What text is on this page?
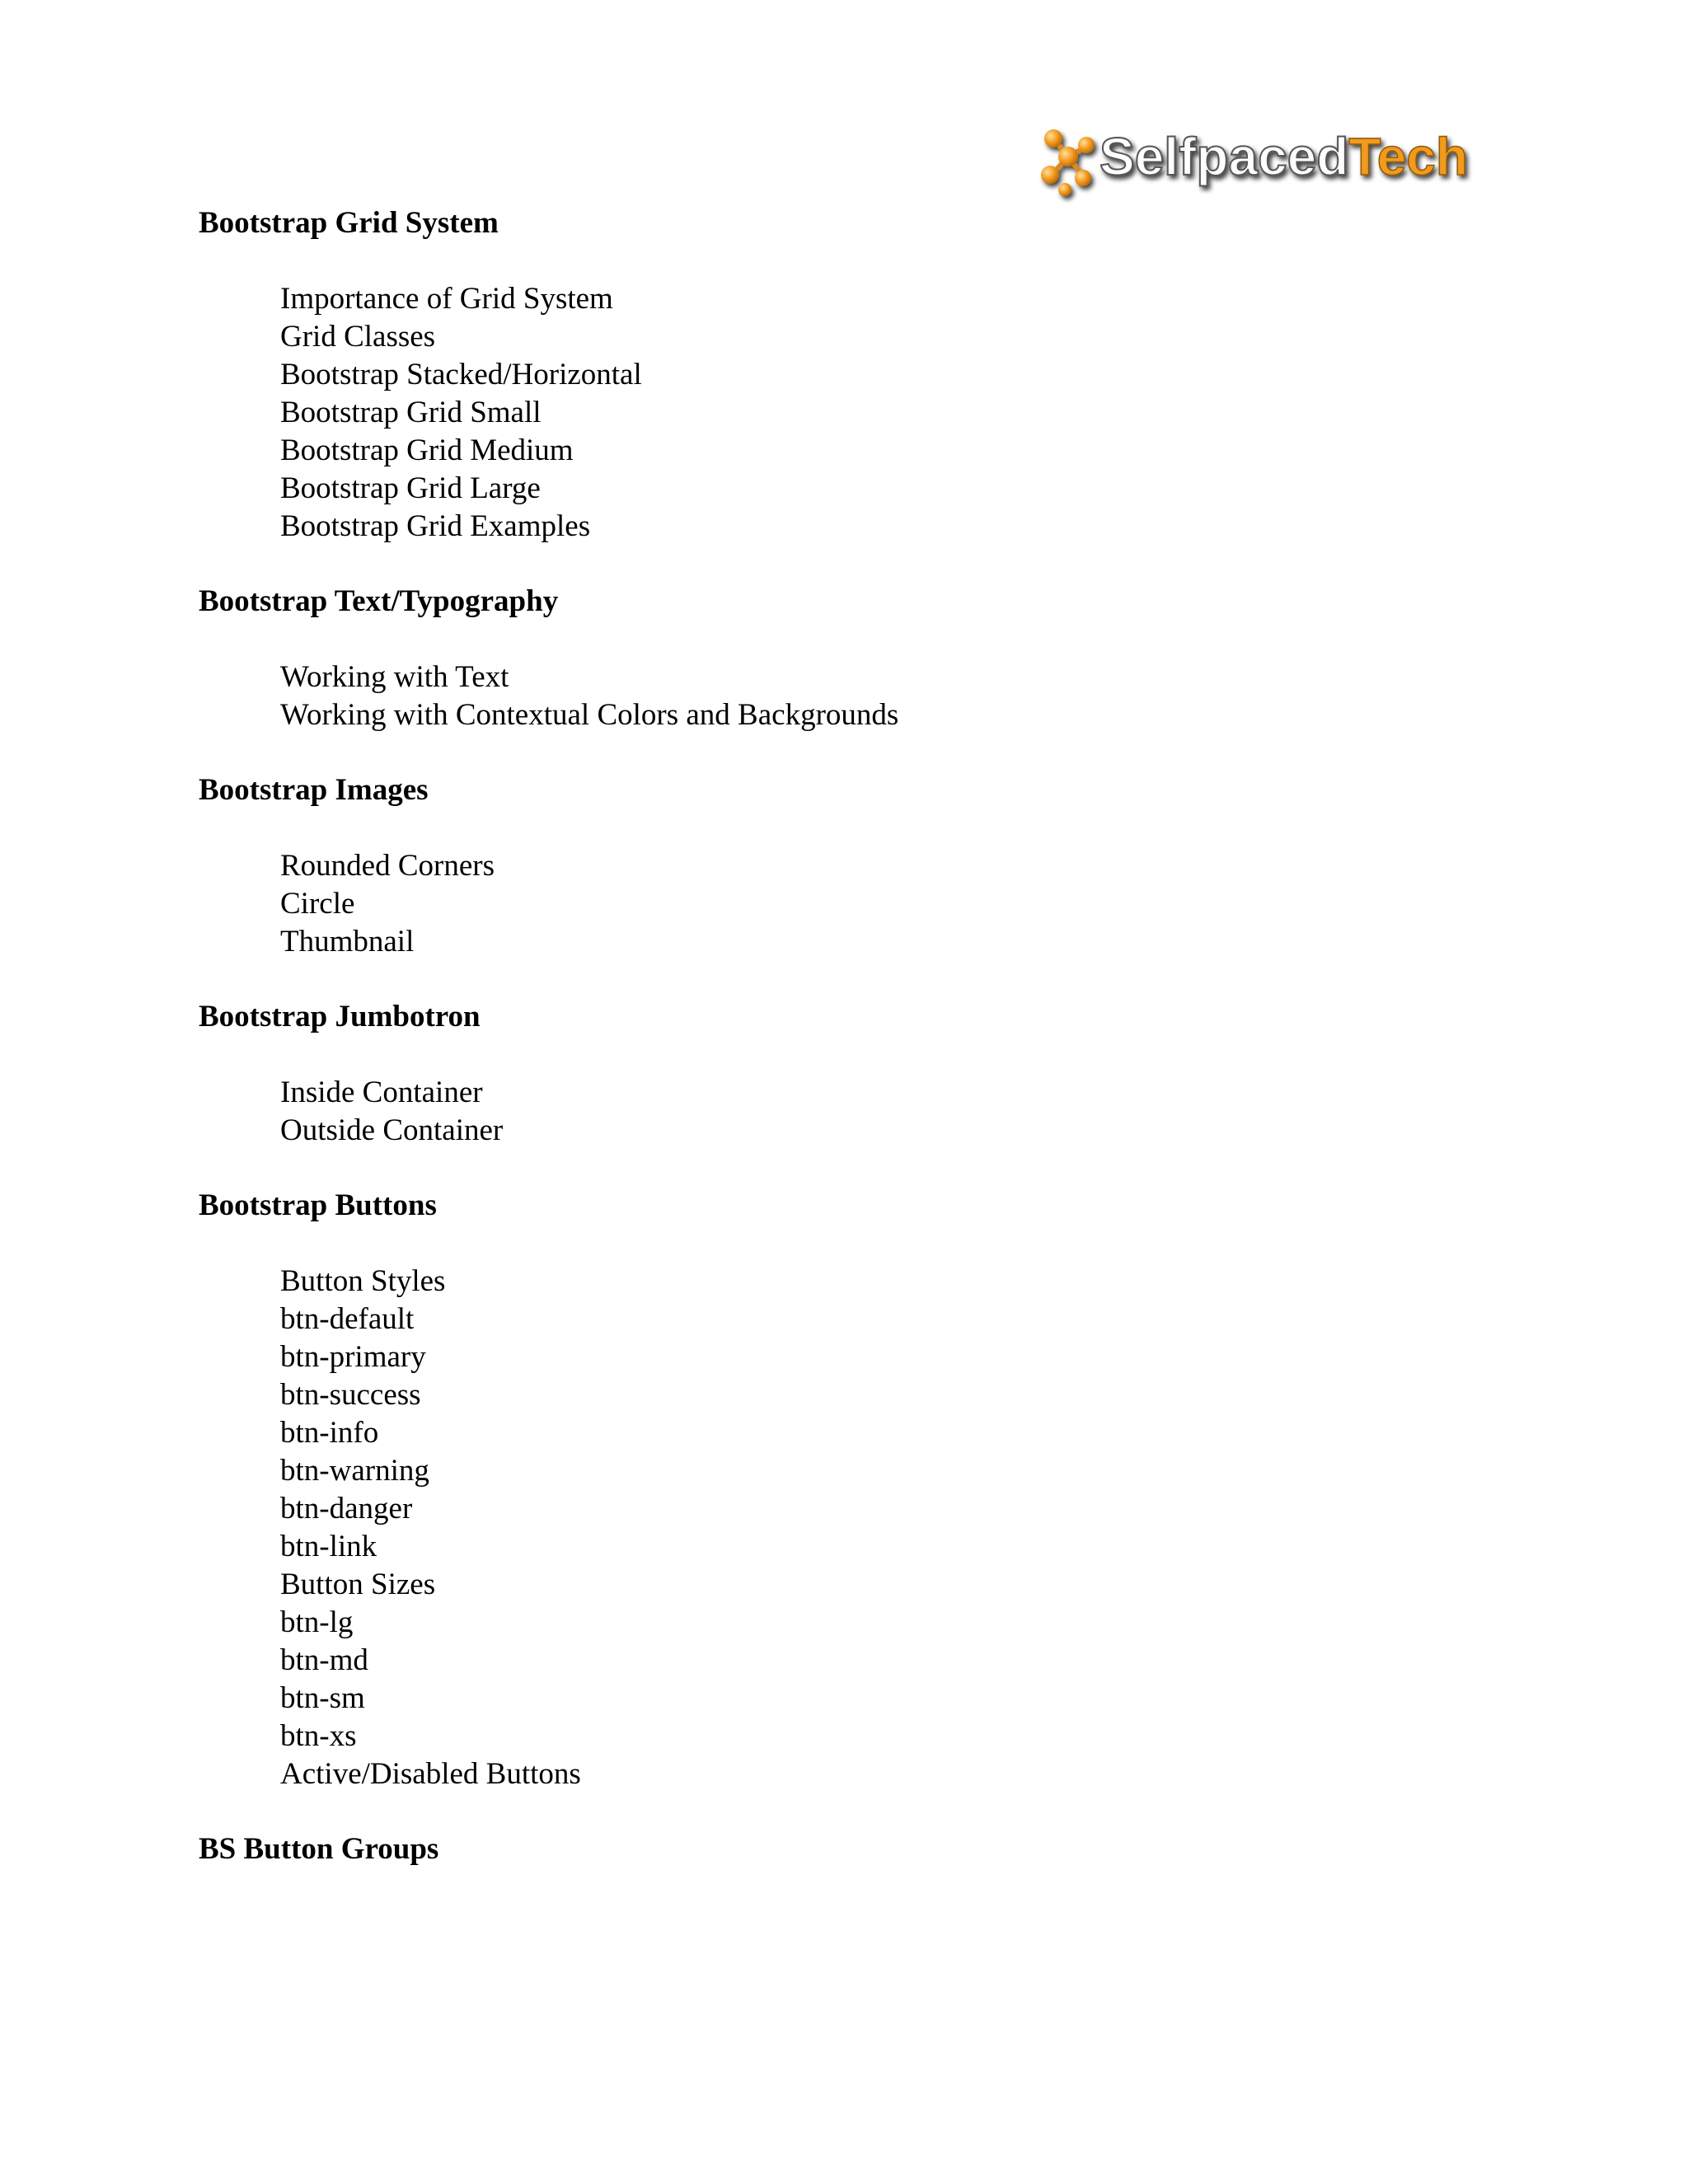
SelfpacedTech
Bootstrap Grid System
Importance of Grid System
Grid Classes
Bootstrap Stacked/Horizontal
Bootstrap Grid Small
Bootstrap Grid Medium
Bootstrap Grid Large
Bootstrap Grid Examples
Bootstrap Text/Typography
Working with Text
Working with Contextual Colors and Backgrounds
Bootstrap Images
Rounded Corners
Circle
Thumbnail
Bootstrap Jumbotron
Inside Container
Outside Container
Bootstrap Buttons
Button Styles
btn-default
btn-primary
btn-success
btn-info
btn-warning
btn-danger
btn-link
Button Sizes
btn-lg
btn-md
btn-sm
btn-xs
Active/Disabled Buttons
BS Button Groups
